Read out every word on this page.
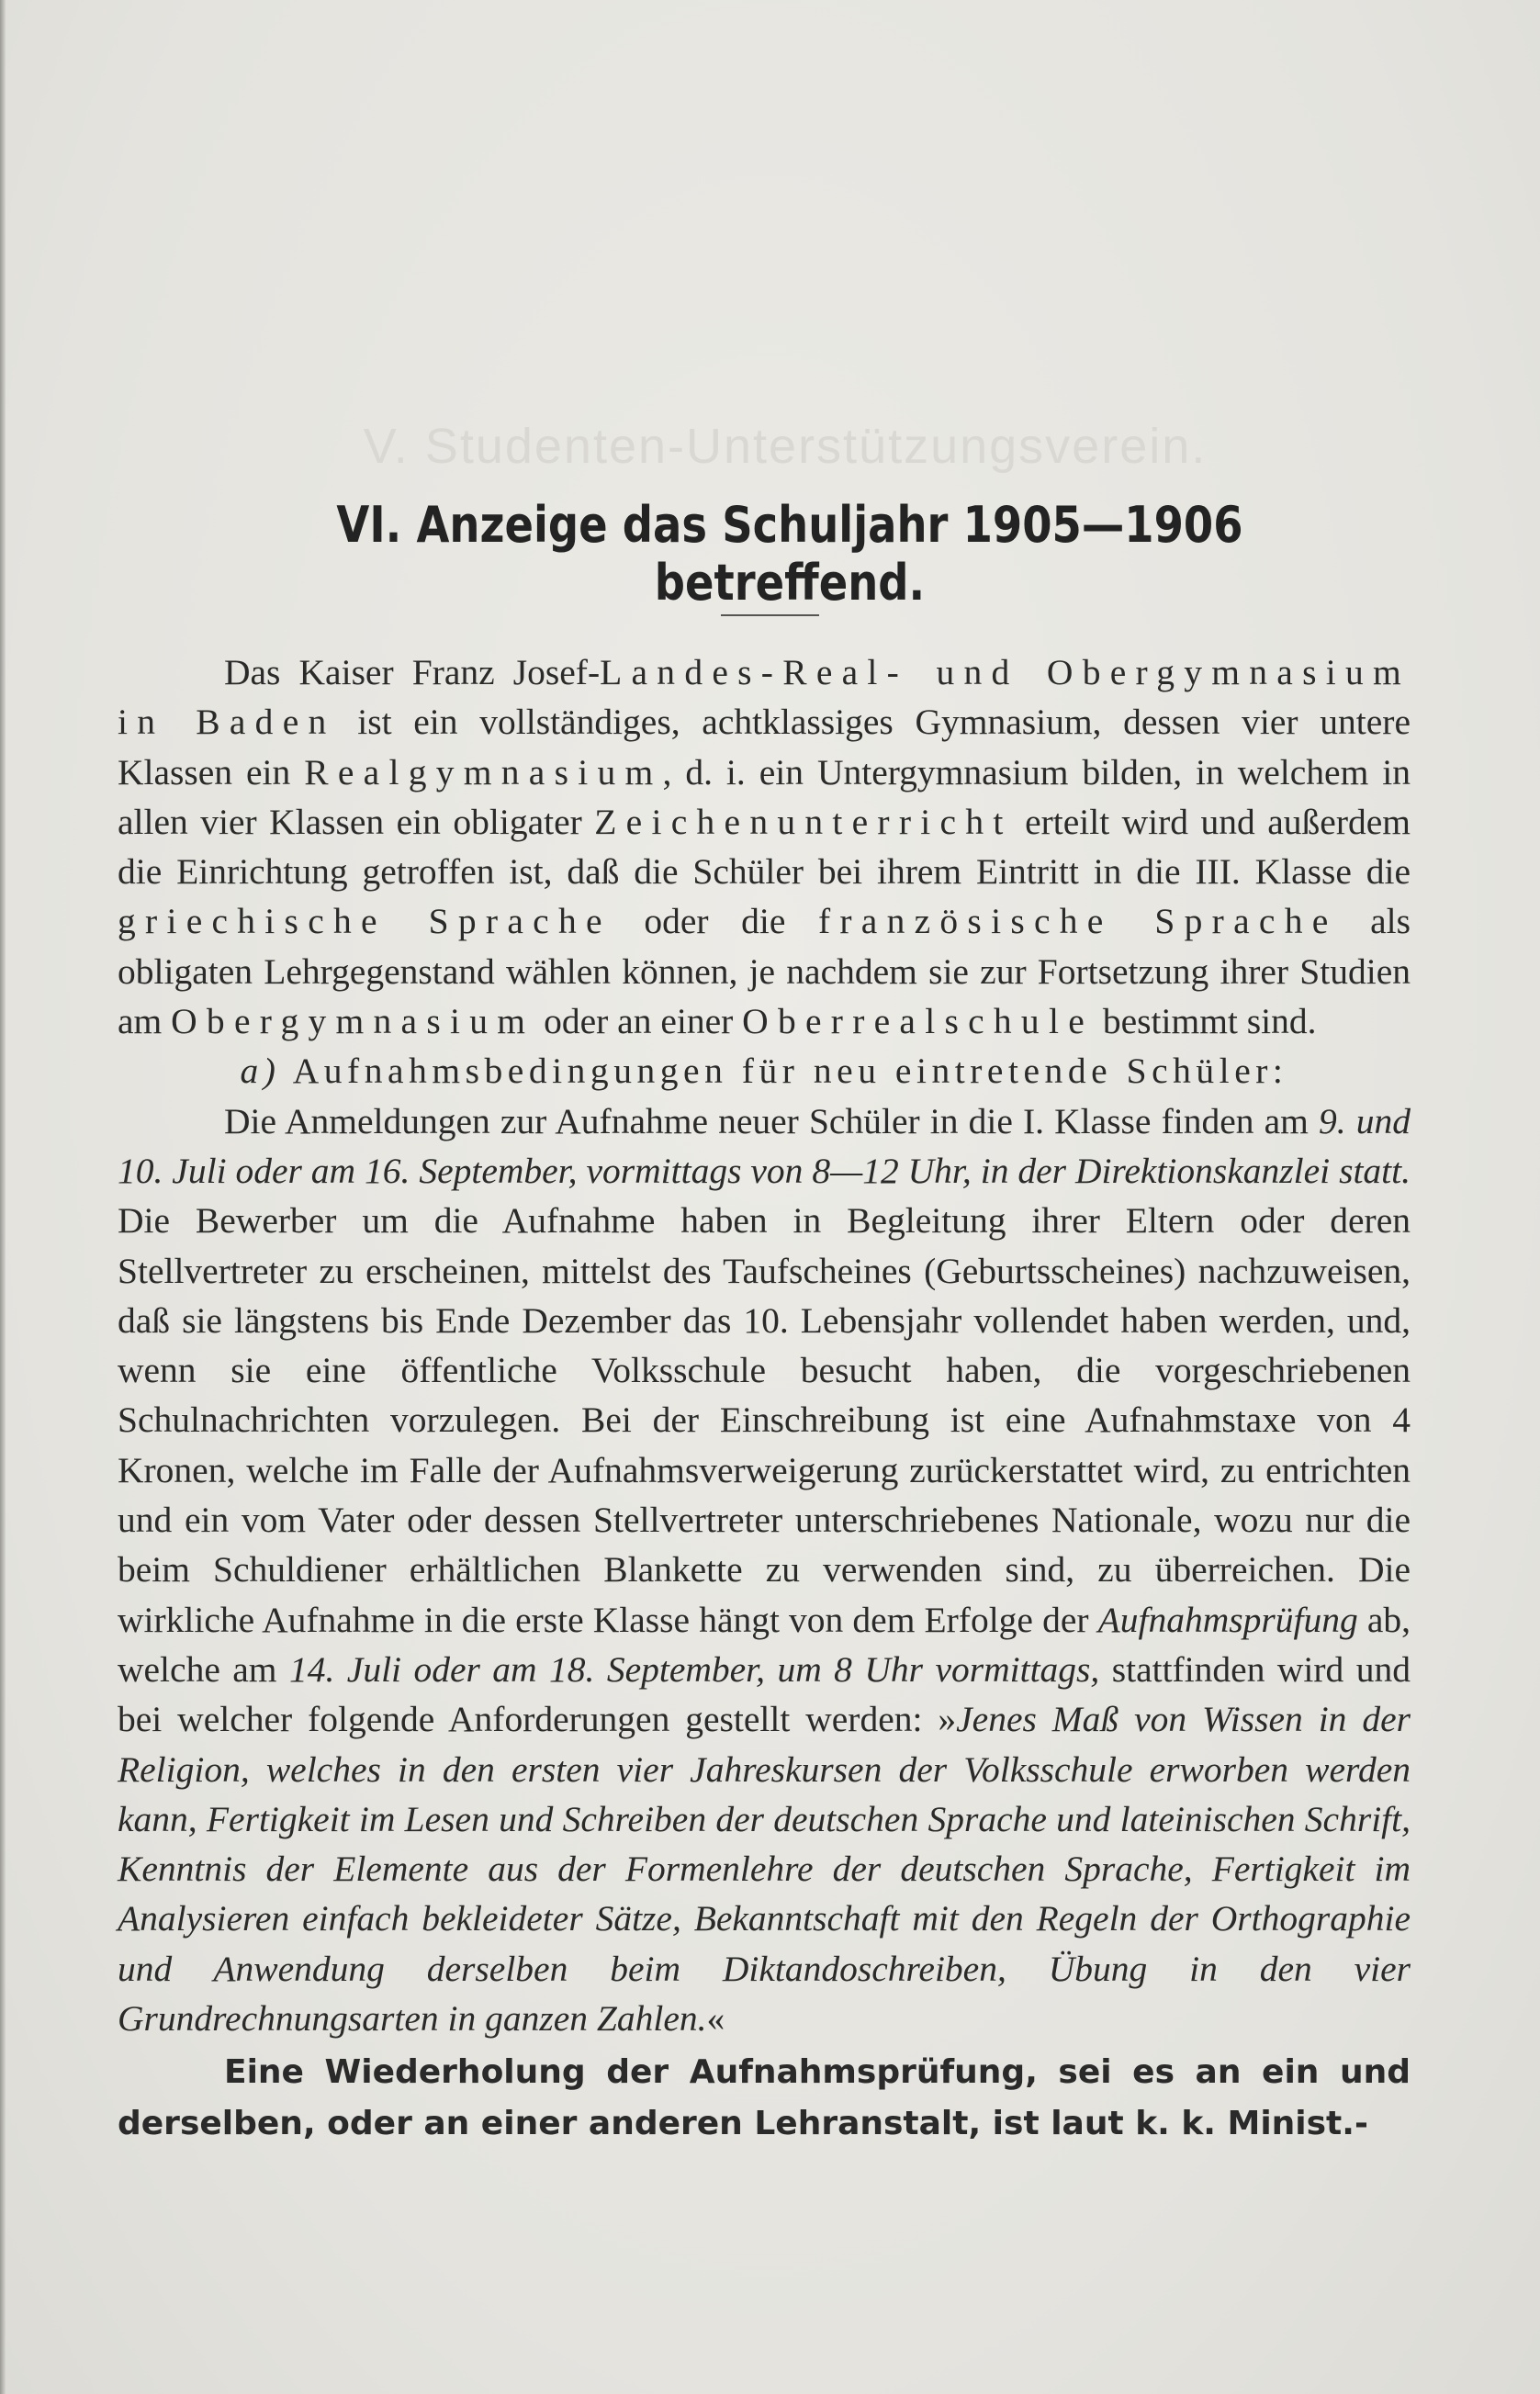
V. Studenten-Unterstützungsverein.
VI. Anzeige das Schuljahr 1905—1906 betreffend.

Das Kaiser Franz Josef-Landes-Real- und Obergymnasium in Baden ist ein vollständiges, achtklassiges Gymnasium, dessen vier untere Klassen ein Realgymnasium, d. i. ein Untergymnasium bilden, in welchem in allen vier Klassen ein obligater Zeichenunterricht erteilt wird und außerdem die Einrichtung getroffen ist, daß die Schüler bei ihrem Eintritt in die III. Klasse die griechische Sprache oder die französische Sprache als obligaten Lehrgegenstand wählen können, je nachdem sie zur Fortsetzung ihrer Studien am Obergymnasium oder an einer Oberrealschule bestimmt sind.

a) Aufnahmsbedingungen für neu eintretende Schüler:

Die Anmeldungen zur Aufnahme neuer Schüler in die I. Klasse finden am 9. und 10. Juli oder am 16. September, vormittags von 8—12 Uhr, in der Direktionskanzlei statt. Die Bewerber um die Aufnahme haben in Begleitung ihrer Eltern oder deren Stellvertreter zu erscheinen, mittelst des Taufscheines (Geburtsscheines) nachzuweisen, daß sie längstens bis Ende Dezember das 10. Lebensjahr vollendet haben werden, und, wenn sie eine öffentliche Volksschule besucht haben, die vorgeschriebenen Schulnachrichten vorzulegen. Bei der Einschreibung ist eine Aufnahmstaxe von 4 Kronen, welche im Falle der Aufnahmsverweigerung zurückerstattet wird, zu entrichten und ein vom Vater oder dessen Stellvertreter unterschriebenes Nationale, wozu nur die beim Schuldiener erhältlichen Blankette zu verwenden sind, zu überreichen. Die wirkliche Aufnahme in die erste Klasse hängt von dem Erfolge der Aufnahmsprüfung ab, welche am 14. Juli oder am 18. September, um 8 Uhr vormittags, stattfinden wird und bei welcher folgende Anforderungen gestellt werden: »Jenes Maß von Wissen in der Religion, welches in den ersten vier Jahreskursen der Volksschule erworben werden kann, Fertigkeit im Lesen und Schreiben der deutschen Sprache und lateinischen Schrift, Kenntnis der Elemente aus der Formenlehre der deutschen Sprache, Fertigkeit im Analysieren einfach bekleideter Sätze, Bekanntschaft mit den Regeln der Orthographie und Anwendung derselben beim Diktandoschreiben, Übung in den vier Grundrechnungsarten in ganzen Zahlen.«

Eine Wiederholung der Aufnahmsprüfung, sei es an ein und derselben, oder an einer anderen Lehranstalt, ist laut k. k. Minist.-
